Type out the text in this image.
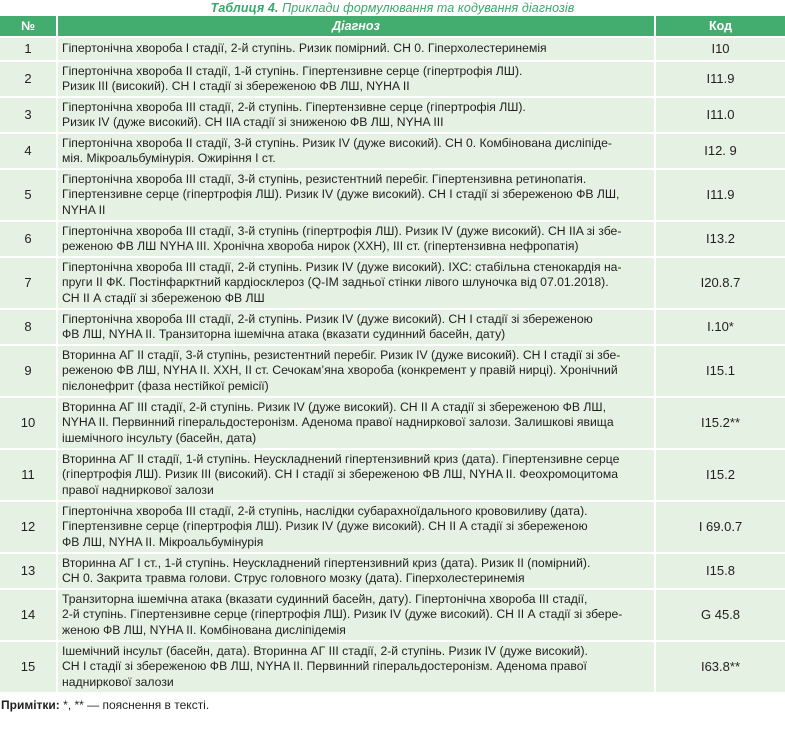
Таблиця 4. Приклади формулювання та кодування діагнозів
№	Діагноз	Код
1	Гіпертонічна хвороба I стадії, 2-й ступінь. Ризик помірний. СН 0. Гіперхолестеринемія	I10
2	Гіпертонічна хвороба II стадії, 1-й ступінь. Гіпертензивне серце (гіпертрофія ЛШ).
Ризик III (високий). СН I стадії зі збереженою ФВ ЛШ, NYHA II	I11.9
3	Гіпертонічна хвороба III стадії, 2-й ступінь. Гіпертензивне серце (гіпертрофія ЛШ).
Ризик IV (дуже високий). СН IIA стадії зі зниженою ФВ ЛШ, NYHA III	I11.0
4	Гіпертонічна хвороба II стадії, 3-й ступінь. Ризик IV (дуже високий). СН 0. Комбінована дисліпіде-
мія. Мікроальбумінурія. Ожиріння I ст.	I12. 9
5	Гіпертонічна хвороба III стадії, 3-й ступінь, резистентний перебіг. Гіпертензивна ретинопатія.
Гіпертензивне серце (гіпертрофія ЛШ). Ризик IV (дуже високий). СН I стадії зі збереженою ФВ ЛШ,
NYHA II	I11.9
6	Гіпертонічна хвороба III стадії, 3-й ступінь (гіпертрофія ЛШ). Ризик IV (дуже високий). СН IIA зі збе-
реженою ФВ ЛШ NYHA III. Хронічна хвороба нирок (ХХН), III ст. (гіпертензивна нефропатія)	I13.2
7	Гіпертонічна хвороба III стадії, 2-й ступінь. Ризик IV (дуже високий). ІХС: стабільна стенокардія на-
пруги II ФК. Постінфарктний кардіосклероз (Q-IM задньої стінки лівого шлуночка від 07.01.2018).
СН II А стадії зі збереженою ФВ ЛШ	I20.8.7
8	Гіпертонічна хвороба III стадії, 2-й ступінь. Ризик IV (дуже високий). СН I стадії зі збереженою
ФВ ЛШ, NYHA II. Транзиторна ішемічна атака (вказати судинний басейн, дату)	I.10*
9	Вторинна АГ II стадії, 3-й ступінь, резистентний перебіг. Ризик IV (дуже високий). СН I стадії зі збе-
реженою ФВ ЛШ, NYHA II. ХХН, II ст. Сечокам’яна хвороба (конкремент у правій нирці). Хронічний
пієлонефрит (фаза нестійкої ремісії)	I15.1
10	Вторинна АГ III стадії, 2-й ступінь. Ризик IV (дуже високий). СН II А стадії зі збереженою ФВ ЛШ,
NYHA II. Первинний гіперальдостеронізм. Аденома правої надниркової залози. Залишкові явища
ішемічного інсульту (басейн, дата)	I15.2**
11	Вторинна АГ II стадії, 1-й ступінь. Неускладнений гіпертензивний криз (дата). Гіпертензивне серце
(гіпертрофія ЛШ). Ризик III (високий). СН I стадії зі збереженою ФВ ЛШ, NYHA II. Феохромоцитома
правої надниркової залози	I15.2
12	Гіпертонічна хвороба III стадії, 2-й ступінь, наслідки субарахноїдального крововиливу (дата).
Гіпертензивне серце (гіпертрофія ЛШ). Ризик IV (дуже високий). СН II А стадії зі збереженою
ФВ ЛШ, NYHA II. Мікроальбумінурія	I 69.0.7
13	Вторинна АГ I ст., 1-й ступінь. Неускладнений гіпертензивний криз (дата). Ризик II (помірний).
СН 0. Закрита травма голови. Струс головного мозку (дата). Гіперхолестеринемія	I15.8
14	Транзиторна ішемічна атака (вказати судинний басейн, дату). Гіпертонічна хвороба III стадії,
2-й ступінь. Гіпертензивне серце (гіпертрофія ЛШ). Ризик IV (дуже високий). СН II А стадії зі збере-
женою ФВ ЛШ, NYHA II. Комбінована дисліпідемія	G 45.8
15	Ішемічний інсульт (басейн, дата). Вторинна АГ III стадії, 2-й ступінь. Ризик IV (дуже високий).
СН I стадії зі збереженою ФВ ЛШ, NYHA II. Первинний гіперальдостеронізм. Аденома правої
надниркової залози	I63.8**
Примітки: *, ** — пояснення в тексті.
